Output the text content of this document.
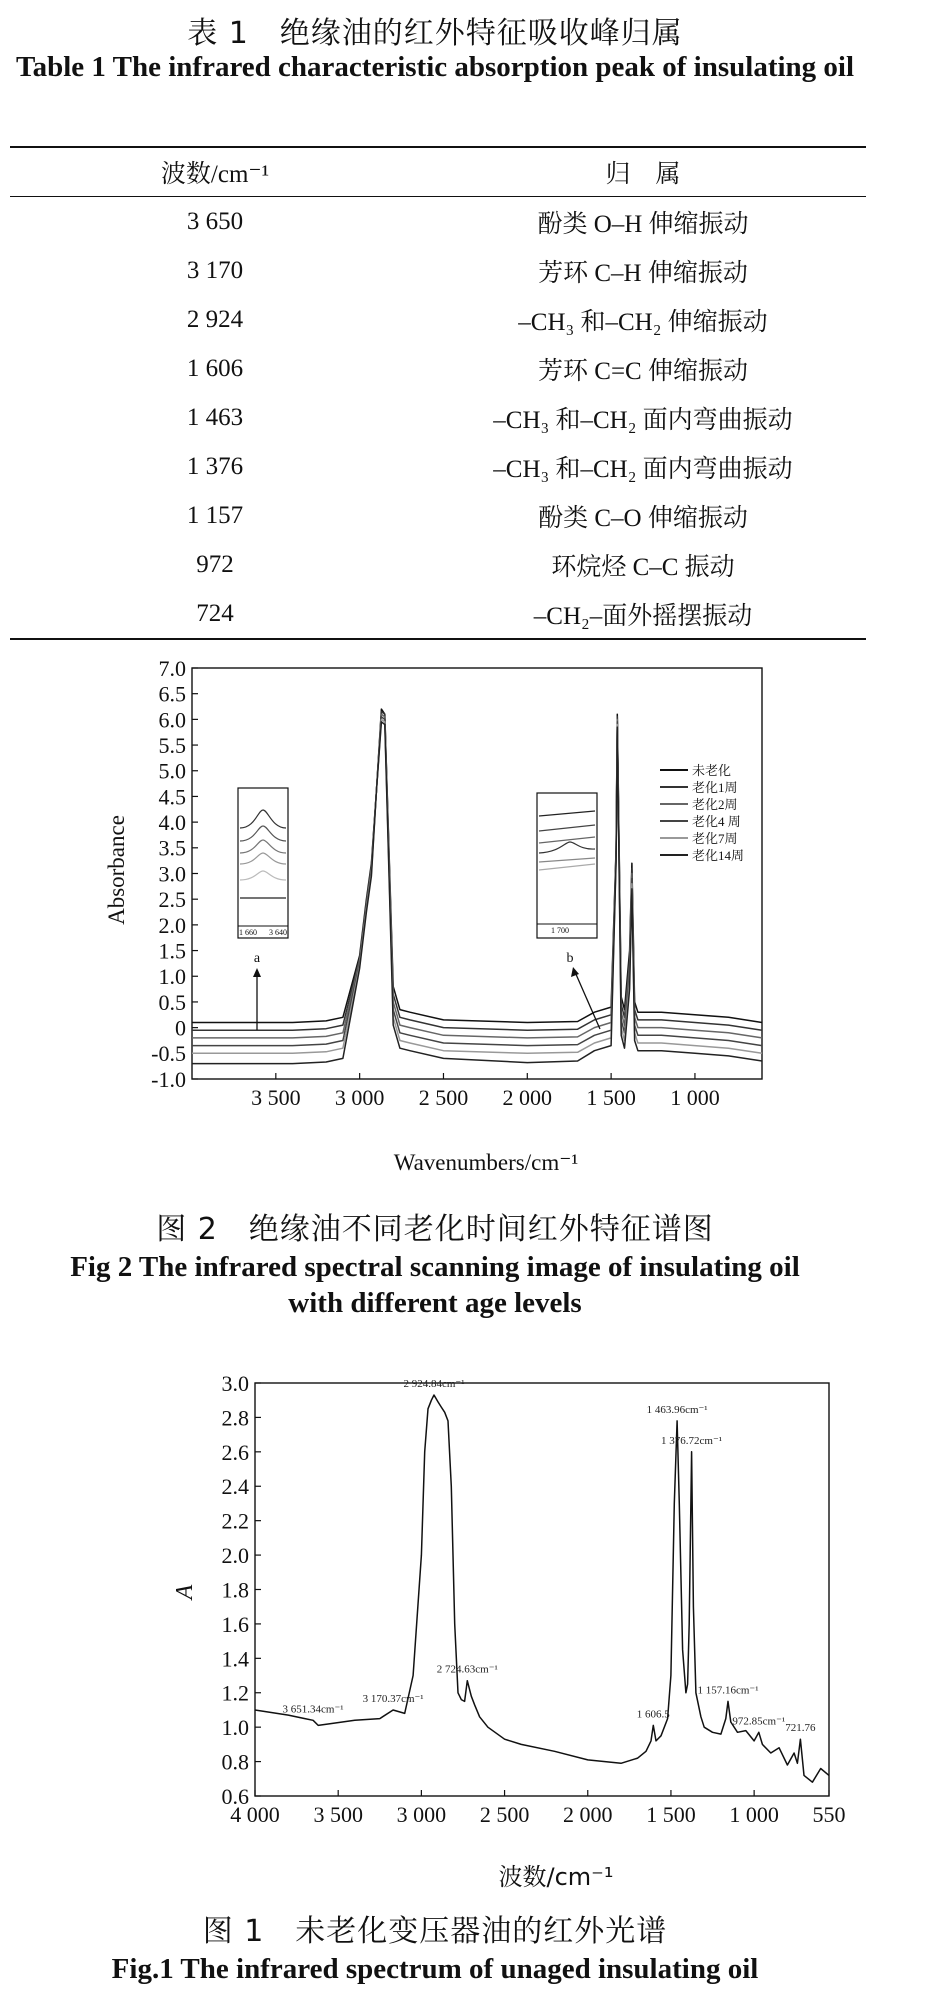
表 1　绝缘油的红外特征吸收峰归属
Table 1 The infrared characteristic absorption peak of insulating oil
波数/cm⁻¹	归　属
3 650	酚类 O–H 伸缩振动
3 170	芳环 C–H 伸缩振动
2 924	–CH₃ 和–CH₂ 伸缩振动
1 606	芳环 C=C 伸缩振动
1 463	–CH₃ 和–CH₂ 面内弯曲振动
1 376	–CH₃ 和–CH₂ 面内弯曲振动
1 157	酚类 C–O 伸缩振动
972	环烷烃 C–C 振动
724	–CH₂–面外摇摆振动
-1.0
-0.5
0
0.5
1.0
1.5
2.0
2.5
3.0
3.5
4.0
4.5
5.0
5.5
6.0
6.5
7.0
3 500 3 000 2 500 2 000 1 500 1 000
Wavenumbers/cm⁻¹
Absorbance
未老化
老化1周
老化2周
老化4 周
老化7周
老化14周
1 660 3 640
a
1 700
b
图 2　绝缘油不同老化时间红外特征谱图
Fig 2 The infrared spectral scanning image of insulating oil
with different age levels
0.6
0.8
1.0
1.2
1.4
1.6
1.8
2.0
2.2
2.4
2.6
2.8
3.0
4 000 3 500 3 000 2 500 2 000 1 500 1 000 550
3 651.34cm⁻¹
3 170.37cm⁻¹
2 924.84cm⁻¹
2 724.63cm⁻¹
1 606.5
1 463.96cm⁻¹
1 376.72cm⁻¹
1 157.16cm⁻¹
972.85cm⁻¹
721.76
波数/cm⁻¹
A
图 1　未老化变压器油的红外光谱
Fig.1 The infrared spectrum of unaged insulating oil
